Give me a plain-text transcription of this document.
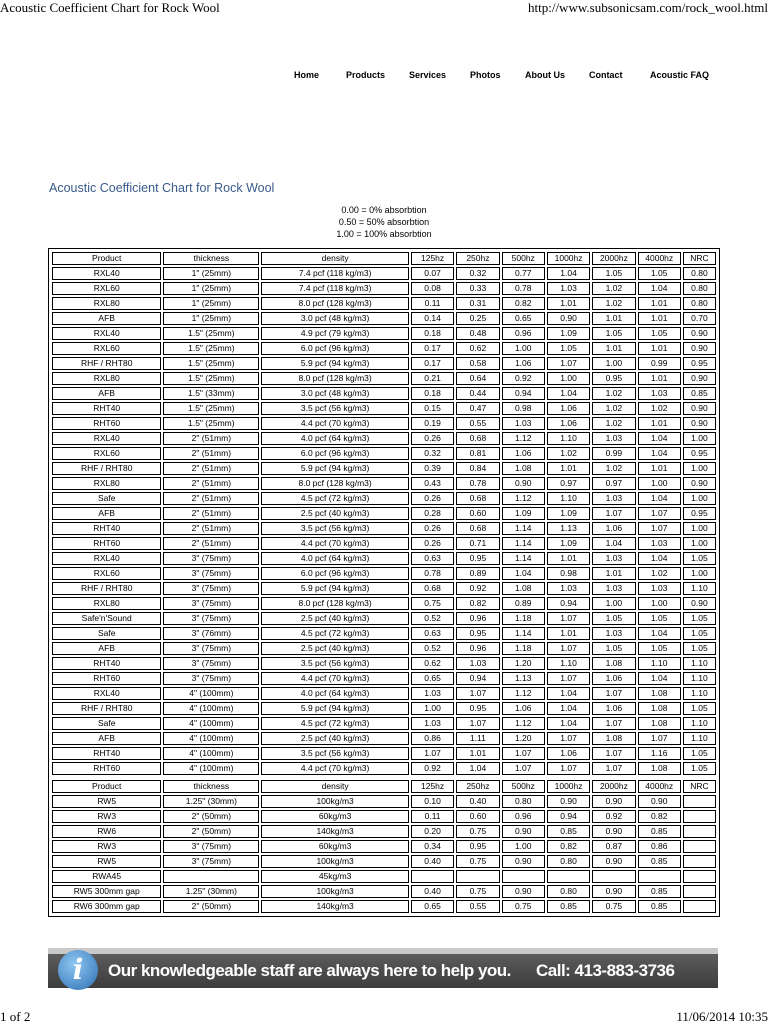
Acoustic Coefficient Chart for Rock Wool	http://www.subsonicsam.com/rock_wool.html
Home	Products	Services	Photos	About Us	Contact	Acoustic FAQ
Acoustic Coefficient Chart for Rock Wool
0.00 = 0% absorbtion
0.50 = 50% absorbtion
1.00 = 100% absorbtion
Product	thickness	density	125hz	250hz	500hz	1000hz	2000hz	4000hz	NRC
RXL40	1" (25mm)	7.4 pcf (118 kg/m3)	0.07	0.32	0.77	1.04	1.05	1.05	0.80
RXL60	1" (25mm)	7.4 pcf (118 kg/m3)	0.08	0.33	0.78	1.03	1.02	1.04	0.80
RXL80	1" (25mm)	8.0 pcf (128 kg/m3)	0.11	0.31	0.82	1.01	1.02	1.01	0.80
AFB	1" (25mm)	3.0 pcf (48 kg/m3)	0.14	0.25	0.65	0.90	1.01	1.01	0.70
RXL40	1.5" (25mm)	4.9 pcf (79 kg/m3)	0.18	0.48	0.96	1.09	1.05	1.05	0.90
RXL60	1.5" (25mm)	6.0 pcf (96 kg/m3)	0.17	0.62	1.00	1.05	1.01	1.01	0.90
RHF / RHT80	1.5" (25mm)	5.9 pcf (94 kg/m3)	0.17	0.58	1.06	1.07	1.00	0.99	0.95
RXL80	1.5" (25mm)	8.0 pcf (128 kg/m3)	0.21	0.64	0.92	1.00	0.95	1.01	0.90
AFB	1.5" (33mm)	3.0 pcf (48 kg/m3)	0.18	0.44	0.94	1.04	1.02	1.03	0.85
RHT40	1.5" (25mm)	3.5 pcf (56 kg/m3)	0.15	0.47	0.98	1.06	1.02	1.02	0.90
RHT60	1.5" (25mm)	4.4 pcf (70 kg/m3)	0.19	0.55	1.03	1.06	1.02	1.01	0.90
RXL40	2" (51mm)	4.0 pcf (64 kg/m3)	0.26	0.68	1.12	1.10	1.03	1.04	1.00
RXL60	2" (51mm)	6.0 pcf (96 kg/m3)	0.32	0.81	1.06	1.02	0.99	1.04	0.95
RHF / RHT80	2" (51mm)	5.9 pcf (94 kg/m3)	0.39	0.84	1.08	1.01	1.02	1.01	1.00
RXL80	2" (51mm)	8.0 pcf (128 kg/m3)	0.43	0.78	0.90	0.97	0.97	1.00	0.90
Safe	2" (51mm)	4.5 pcf (72 kg/m3)	0.26	0.68	1.12	1.10	1.03	1.04	1.00
AFB	2" (51mm)	2.5 pcf (40 kg/m3)	0.28	0.60	1.09	1.09	1.07	1.07	0.95
RHT40	2" (51mm)	3.5 pcf (56 kg/m3)	0.26	0.68	1.14	1.13	1.06	1.07	1.00
RHT60	2" (51mm)	4.4 pcf (70 kg/m3)	0.26	0.71	1.14	1.09	1.04	1.03	1.00
RXL40	3" (75mm)	4.0 pcf (64 kg/m3)	0.63	0.95	1.14	1.01	1.03	1.04	1.05
RXL60	3" (75mm)	6.0 pcf (96 kg/m3)	0.78	0.89	1.04	0.98	1.01	1.02	1.00
RHF / RHT80	3" (75mm)	5.9 pcf (94 kg/m3)	0.68	0.92	1.08	1.03	1.03	1.03	1.10
RXL80	3" (75mm)	8.0 pcf (128 kg/m3)	0.75	0.82	0.89	0.94	1.00	1.00	0.90
Safe'n'Sound	3" (75mm)	2.5 pcf (40 kg/m3)	0.52	0.96	1.18	1.07	1.05	1.05	1.05
Safe	3" (76mm)	4.5 pcf (72 kg/m3)	0.63	0.95	1.14	1.01	1.03	1.04	1.05
AFB	3" (75mm)	2.5 pcf (40 kg/m3)	0.52	0.96	1.18	1.07	1.05	1.05	1.05
RHT40	3" (75mm)	3.5 pcf (56 kg/m3)	0.62	1.03	1.20	1.10	1.08	1.10	1.10
RHT60	3" (75mm)	4.4 pcf (70 kg/m3)	0.65	0.94	1.13	1.07	1.06	1.04	1.10
RXL40	4" (100mm)	4.0 pcf (64 kg/m3)	1.03	1.07	1.12	1.04	1.07	1.08	1.10
RHF / RHT80	4" (100mm)	5.9 pcf (94 kg/m3)	1.00	0.95	1.06	1.04	1.06	1.08	1.05
Safe	4" (100mm)	4.5 pcf (72 kg/m3)	1.03	1.07	1.12	1.04	1.07	1.08	1.10
AFB	4" (100mm)	2.5 pcf (40 kg/m3)	0.86	1.11	1.20	1.07	1.08	1.07	1.10
RHT40	4" (100mm)	3.5 pcf (56 kg/m3)	1.07	1.01	1.07	1.06	1.07	1.16	1.05
RHT60	4" (100mm)	4.4 pcf (70 kg/m3)	0.92	1.04	1.07	1.07	1.07	1.08	1.05

Product	thickness	density	125hz	250hz	500hz	1000hz	2000hz	4000hz	NRC
RW5	1.25" (30mm)	100kg/m3	0.10	0.40	0.80	0.90	0.90	0.90	
RW3	2" (50mm)	60kg/m3	0.11	0.60	0.96	0.94	0.92	0.82	
RW6	2" (50mm)	140kg/m3	0.20	0.75	0.90	0.85	0.90	0.85	
RW3	3" (75mm)	60kg/m3	0.34	0.95	1.00	0.82	0.87	0.86	
RW5	3" (75mm)	100kg/m3	0.40	0.75	0.90	0.80	0.90	0.85	
RWA45		45kg/m3							
RW5 300mm gap	1.25" (30mm)	100kg/m3	0.40	0.75	0.90	0.80	0.90	0.85	
RW6 300mm gap	2" (50mm)	140kg/m3	0.65	0.55	0.75	0.85	0.75	0.85	
i	Our knowledgeable staff are always here to help you. Call: 413-883-3736
1 of 2	11/06/2014 10:35
